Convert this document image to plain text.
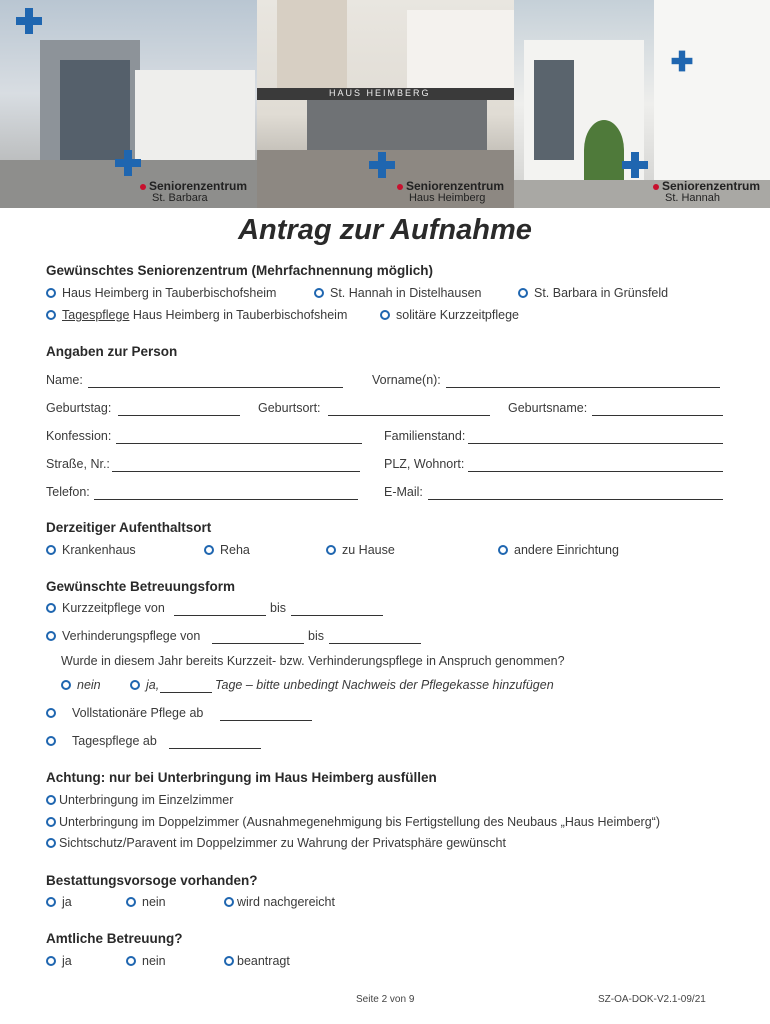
Seniorenzentrum
St. Barbara
HAUS HEIMBERG
Seniorenzentrum
Haus Heimberg
Seniorenzentrum
St. Hannah
Antrag zur Aufnahme
Gewünschtes Seniorenzentrum (Mehrfachnennung möglich)
Haus Heimberg in Tauberbischofsheim	St. Hannah in Distelhausen	St. Barbara in Grünsfeld
Tagespflege Haus Heimberg in Tauberbischofsheim	solitäre Kurzzeitpflege
Angaben zur Person
Name:	Vorname(n):
Geburtstag:	Geburtsort:	Geburtsname:
Konfession:	Familienstand:
Straße, Nr.:	PLZ, Wohnort:
Telefon:	E-Mail:
Derzeitiger Aufenthaltsort
Krankenhaus	Reha	zu Hause	andere Einrichtung
Gewünschte Betreuungsform
Kurzzeitpflege von	bis
Verhinderungspflege von	bis
Wurde in diesem Jahr bereits Kurzzeit- bzw. Verhinderungspflege in Anspruch genommen?
nein	ja,	Tage – bitte unbedingt Nachweis der Pflegekasse hinzufügen
Vollstationäre Pflege ab
Tagespflege ab
Achtung: nur bei Unterbringung im Haus Heimberg ausfüllen
Unterbringung im Einzelzimmer
Unterbringung im Doppelzimmer (Ausnahmegenehmigung bis Fertigstellung des Neubaus „Haus Heimberg“)
Sichtschutz/Paravent im Doppelzimmer zu Wahrung der Privatsphäre gewünscht
Bestattungsvorsoge vorhanden?
ja	nein	wird nachgereicht
Amtliche Betreuung?
ja	nein	beantragt
Seite 2 von 9	SZ-OA-DOK-V2.1-09/21
